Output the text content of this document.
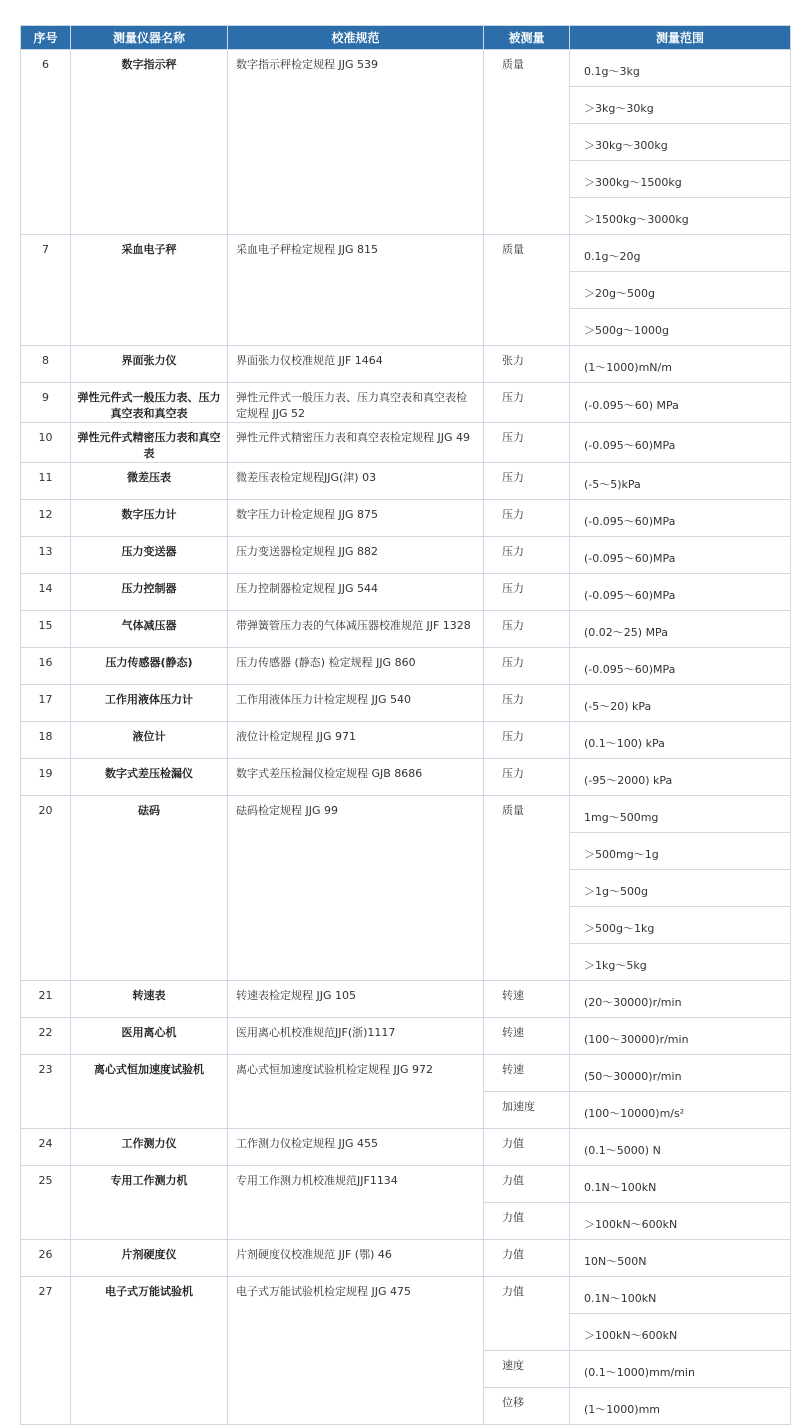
序号	测量仪器名称	校准规范	被测量	测量范围
6	数字指示秤	数字指示秤检定规程 JJG 539	质量	0.1g～3kg
				＞3kg～30kg
				＞30kg～300kg
				＞300kg～1500kg
				＞1500kg～3000kg
7	采血电子秤	采血电子秤检定规程 JJG 815	质量	0.1g～20g
				＞20g～500g
				＞500g～1000g
8	界面张力仪	界面张力仪校准规范 JJF 1464	张力	(1～1000)mN/m
9	弹性元件式一般压力表、压力真空表和真空表	弹性元件式一般压力表、压力真空表和真空表检定规程 JJG 52	压力	(-0.095～60) MPa
10	弹性元件式精密压力表和真空表	弹性元件式精密压力表和真空表检定规程 JJG 49	压力	(-0.095～60)MPa
11	微差压表	微差压表检定规程JJG(津) 03	压力	(-5～5)kPa
12	数字压力计	数字压力计检定规程 JJG 875	压力	(-0.095～60)MPa
13	压力变送器	压力变送器检定规程 JJG 882	压力	(-0.095～60)MPa
14	压力控制器	压力控制器检定规程 JJG 544	压力	(-0.095～60)MPa
15	气体减压器	带弹簧管压力表的气体减压器校准规范 JJF 1328	压力	(0.02～25) MPa
16	压力传感器(静态)	压力传感器 (静态) 检定规程 JJG 860	压力	(-0.095～60)MPa
17	工作用液体压力计	工作用液体压力计检定规程 JJG 540	压力	(-5～20) kPa
18	液位计	液位计检定规程 JJG 971	压力	(0.1～100) kPa
19	数字式差压检漏仪	数字式差压检漏仪检定规程 GJB 8686	压力	(-95～2000) kPa
20	砝码	砝码检定规程 JJG 99	质量	1mg～500mg
				＞500mg～1g
				＞1g～500g
				＞500g～1kg
				＞1kg～5kg
21	转速表	转速表检定规程 JJG 105	转速	(20～30000)r/min
22	医用离心机	医用离心机校准规范JJF(浙)1117	转速	(100～30000)r/min
23	离心式恒加速度试验机	离心式恒加速度试验机检定规程 JJG 972	转速	(50～30000)r/min
			加速度	(100～10000)m/s²
24	工作测力仪	工作测力仪检定规程 JJG 455	力值	(0.1～5000) N
25	专用工作测力机	专用工作测力机校准规范JJF1134	力值	0.1N～100kN
			力值	＞100kN～600kN
26	片剂硬度仪	片剂硬度仪校准规范 JJF (鄂) 46	力值	10N～500N
27	电子式万能试验机	电子式万能试验机检定规程 JJG 475	力值	0.1N～100kN
				＞100kN～600kN
			速度	(0.1～1000)mm/min
			位移	(1～1000)mm
